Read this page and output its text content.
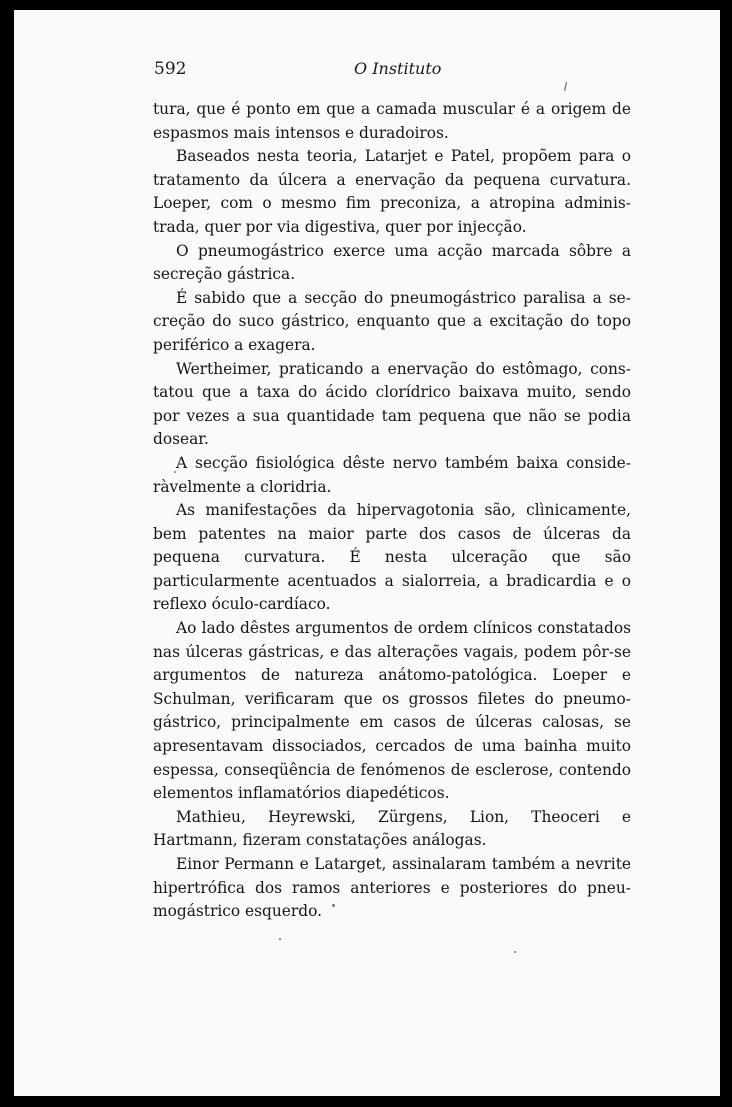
592	O Instituto

tura, que é ponto em que a camada muscular é a origem de espasmos mais intensos e duradoiros.

Baseados nesta teoria, Latarjet e Patel, propõem para o tratamento da úlcera a enervação da pequena curvatura. Loeper, com o mesmo fim preconiza, a atropina administrada, quer por via digestiva, quer por injecção.

O pneumogástrico exerce uma acção marcada sôbre a secreção gástrica.

É sabido que a secção do pneumogástrico paralisa a secreção do suco gástrico, enquanto que a excitação do topo periférico a exagera.

Wertheimer, praticando a enervação do estômago, constatou que a taxa do ácido clorídrico baixava muito, sendo por vezes a sua quantidade tam pequena que não se podia dosear.

A secção fisiológica dêste nervo também baixa consideràvelmente a cloridria.

As manifestações da hipervagotonia são, clìnicamente, bem patentes na maior parte dos casos de úlceras da pequena curvatura. É nesta ulceração que são particularmente acentuados a sialorreia, a bradicardia e o reflexo óculo-cardíaco.

Ao lado dêstes argumentos de ordem clínicos constatados nas úlceras gástricas, e das alterações vagais, podem pôr-se argumentos de natureza anátomo-patológica. Loeper e Schulman, verificaram que os grossos filetes do pneumogástrico, principalmente em casos de úlceras calosas, se apresentavam dissociados, cercados de uma bainha muito espessa, conseqüência de fenómenos de esclerose, contendo elementos inflamatórios diapedéticos.

Mathieu, Heyrewski, Zürgens, Lion, Theoceri e Hartmann, fizeram constatações análogas.

Einor Permann e Latarget, assinalaram também a nevrite hipertrófica dos ramos anteriores e posteriores do pneumogástrico esquerdo.
